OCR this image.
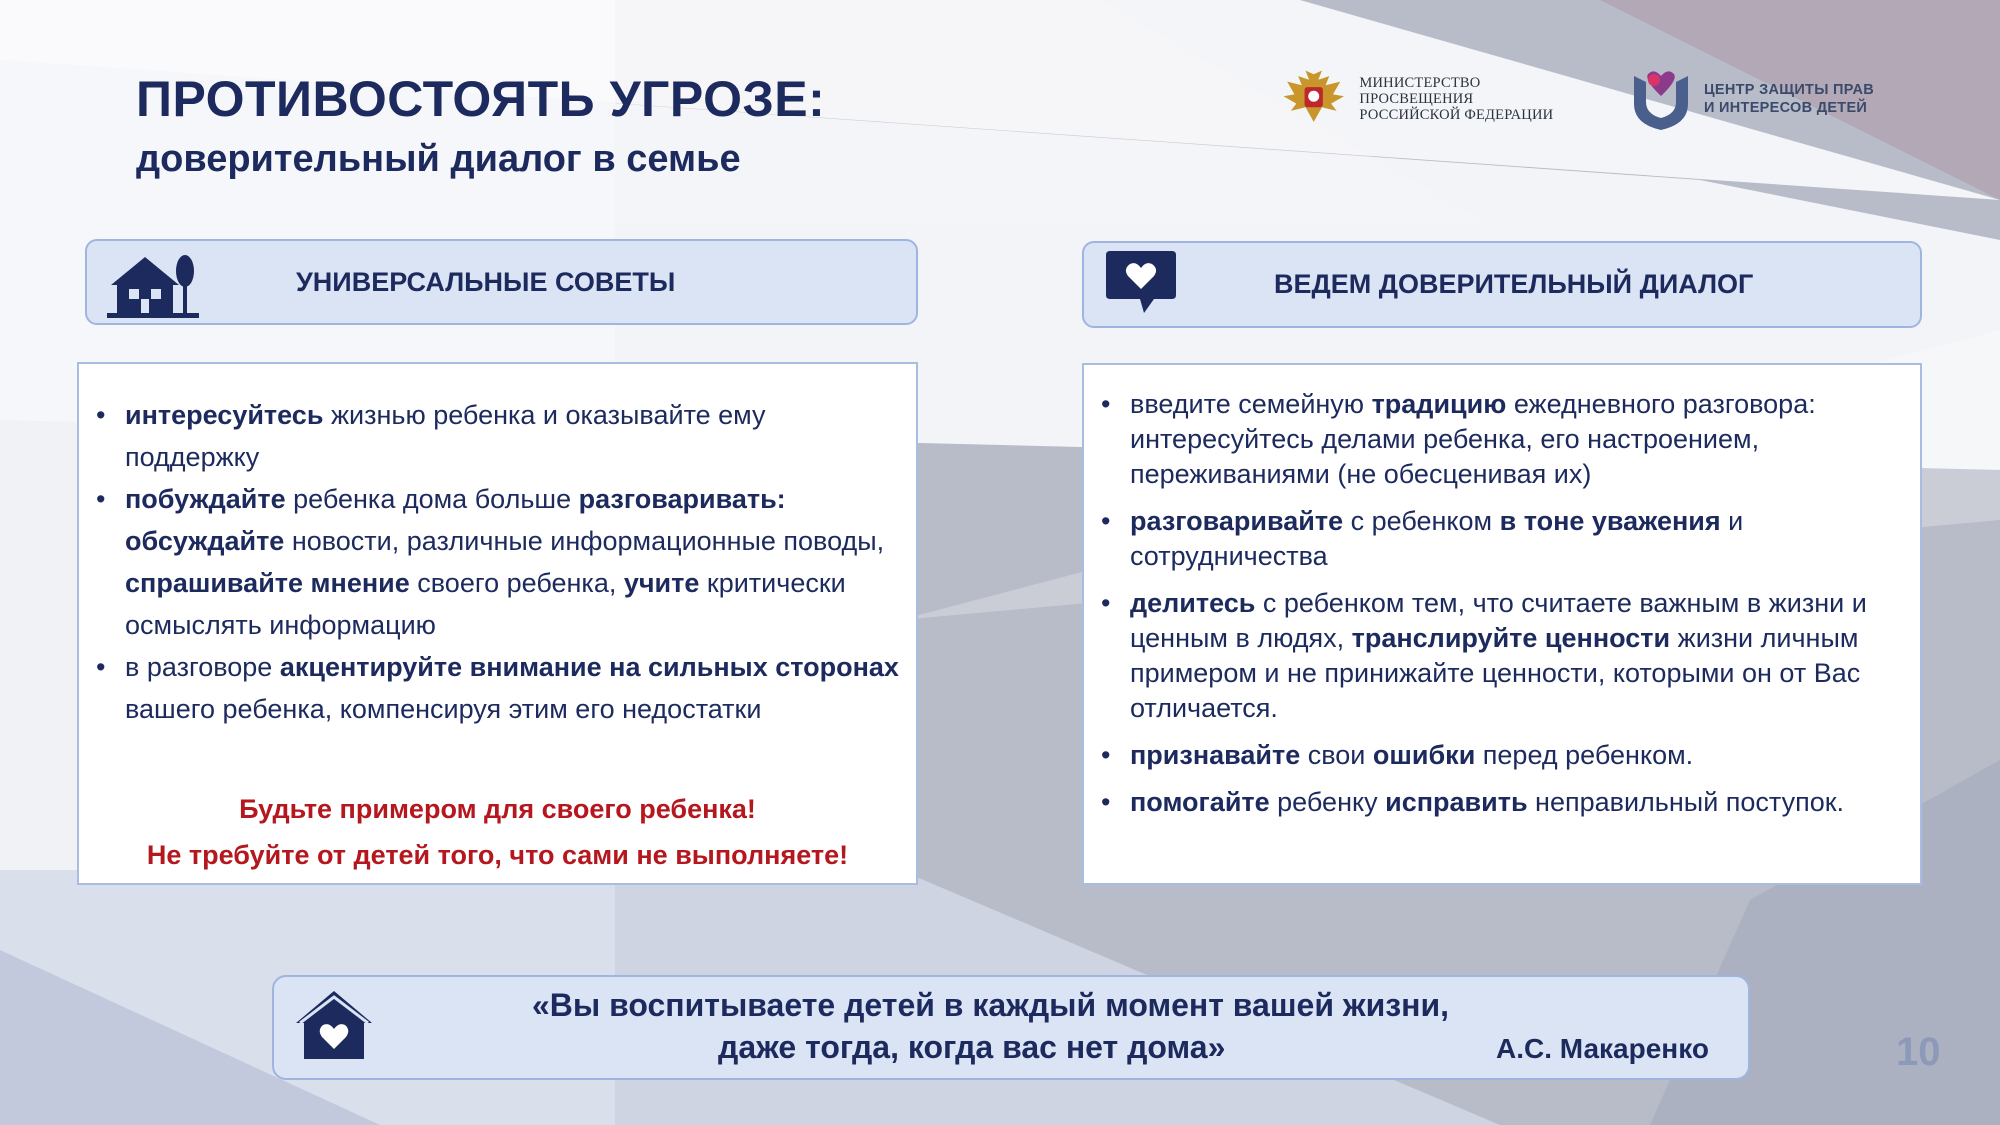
ПРОТИВОСТОЯТЬ УГРОЗЕ:
доверительный диалог в семье
МИНИСТЕРСТВО ПРОСВЕЩЕНИЯ
РОССИЙСКОЙ ФЕДЕРАЦИИ
ЦЕНТР ЗАЩИТЫ ПРАВ
И ИНТЕРЕСОВ ДЕТЕЙ
УНИВЕРСАЛЬНЫЕ СОВЕТЫ	ВЕДЕМ ДОВЕРИТЕЛЬНЫЙ ДИАЛОГ
• интересуйтесь жизнью ребенка и оказывайте ему поддержку
• побуждайте ребенка дома больше разговаривать: обсуждайте новости, различные информационные поводы, спрашивайте мнение своего ребенка, учите критически осмыслять информацию
• в разговоре акцентируйте внимание на сильных сторонах вашего ребенка, компенсируя этим его недостатки
Будьте примером для своего ребенка!
Не требуйте от детей того, что сами не выполняете!
• введите семейную традицию ежедневного разговора: интересуйтесь делами ребенка, его настроением, переживаниями (не обесценивая их)
• разговаривайте с ребенком в тоне уважения и сотрудничества
• делитесь с ребенком тем, что считаете важным в жизни и ценным в людях, транслируйте ценности жизни личным примером и не принижайте ценности, которыми он от Вас отличается.
• признавайте свои ошибки перед ребенком.
• помогайте ребенку исправить неправильный поступок.
«Вы воспитываете детей в каждый момент вашей жизни,
даже тогда, когда вас нет дома»	А.С. Макаренко	10
